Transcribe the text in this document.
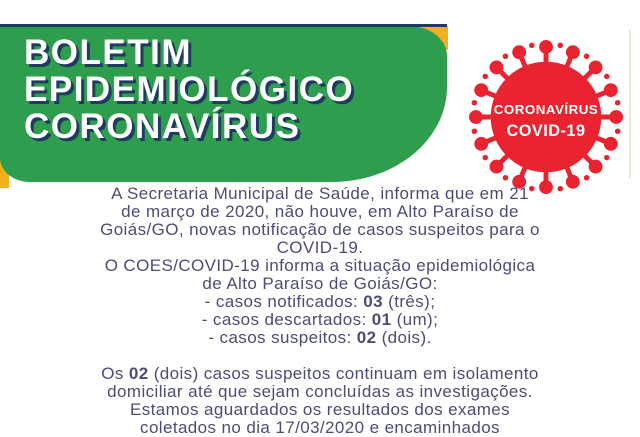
BOLETIM
EPIDEMIOLÓGICO
CORONAVÍRUS	CORONAVÍRUS
COVID-19
A Secretaria Municipal de Saúde, informa que em 21
de março de 2020, não houve, em Alto Paraíso de
Goiás/GO, novas notificação de casos suspeitos para o
COVID-19.
O COES/COVID-19 informa a situação epidemiológica
de Alto Paraíso de Goiás/GO:
- casos notificados: 03 (três);
- casos descartados: 01 (um);
- casos suspeitos: 02 (dois).
Os 02 (dois) casos suspeitos continuam em isolamento
domiciliar até que sejam concluídas as investigações.
Estamos aguardados os resultados dos exames
coletados no dia 17/03/2020 e encaminhados
